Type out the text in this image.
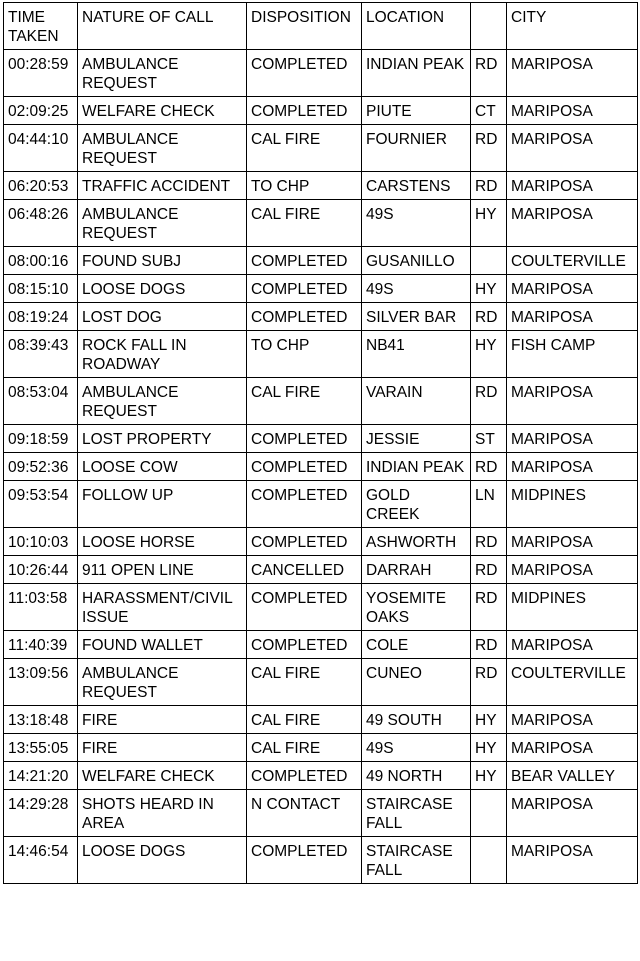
TIME TAKEN	NATURE OF CALL	DISPOSITION	LOCATION		CITY
00:28:59	AMBULANCE REQUEST	COMPLETED	INDIAN PEAK	RD	MARIPOSA
02:09:25	WELFARE CHECK	COMPLETED	PIUTE	CT	MARIPOSA
04:44:10	AMBULANCE REQUEST	CAL FIRE	FOURNIER	RD	MARIPOSA
06:20:53	TRAFFIC ACCIDENT	TO CHP	CARSTENS	RD	MARIPOSA
06:48:26	AMBULANCE REQUEST	CAL FIRE	49S	HY	MARIPOSA
08:00:16	FOUND SUBJ	COMPLETED	GUSANILLO		COULTERVILLE
08:15:10	LOOSE DOGS	COMPLETED	49S	HY	MARIPOSA
08:19:24	LOST DOG	COMPLETED	SILVER BAR	RD	MARIPOSA
08:39:43	ROCK FALL IN ROADWAY	TO CHP	NB41	HY	FISH CAMP
08:53:04	AMBULANCE REQUEST	CAL FIRE	VARAIN	RD	MARIPOSA
09:18:59	LOST PROPERTY	COMPLETED	JESSIE	ST	MARIPOSA
09:52:36	LOOSE COW	COMPLETED	INDIAN PEAK	RD	MARIPOSA
09:53:54	FOLLOW UP	COMPLETED	GOLD CREEK	LN	MIDPINES
10:10:03	LOOSE HORSE	COMPLETED	ASHWORTH	RD	MARIPOSA
10:26:44	911 OPEN LINE	CANCELLED	DARRAH	RD	MARIPOSA
11:03:58	HARASSMENT/CIVIL ISSUE	COMPLETED	YOSEMITE OAKS	RD	MIDPINES
11:40:39	FOUND WALLET	COMPLETED	COLE	RD	MARIPOSA
13:09:56	AMBULANCE REQUEST	CAL FIRE	CUNEO	RD	COULTERVILLE
13:18:48	FIRE	CAL FIRE	49 SOUTH	HY	MARIPOSA
13:55:05	FIRE	CAL FIRE	49S	HY	MARIPOSA
14:21:20	WELFARE CHECK	COMPLETED	49 NORTH	HY	BEAR VALLEY
14:29:28	SHOTS HEARD IN AREA	N CONTACT	STAIRCASE FALL		MARIPOSA
14:46:54	LOOSE DOGS	COMPLETED	STAIRCASE FALL		MARIPOSA
